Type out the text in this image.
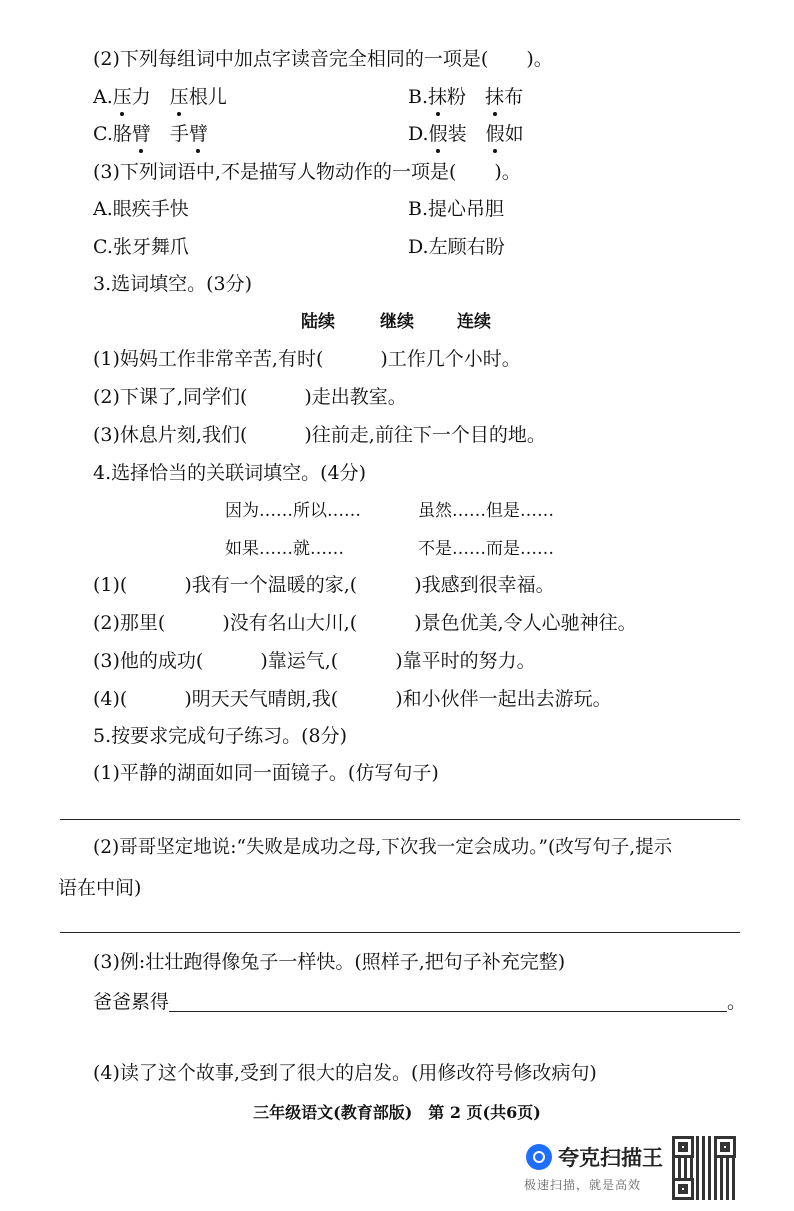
(2)下列每组词中加点字读音完全相同的一项是(　　)。
A.压力 压根儿	B.抹粉 抹布
C.胳臂 手臂	D.假装 假如
(3)下列词语中,不是描写人物动作的一项是(　　)。
A.眼疾手快	B.提心吊胆
C.张牙舞爪	D.左顾右盼
3.选词填空。(3分)
陆续	继续	连续
(1)妈妈工作非常辛苦,有时(　　　)工作几个小时。
(2)下课了,同学们(　　　)走出教室。
(3)休息片刻,我们(　　　)往前走,前往下一个目的地。
4.选择恰当的关联词填空。(4分)
因为……所以……	虽然……但是……
如果……就……	不是……而是……
(1)(　　　)我有一个温暖的家,(　　　)我感到很幸福。
(2)那里(　　　)没有名山大川,(　　　)景色优美,令人心驰神往。
(3)他的成功(　　　)靠运气,(　　　)靠平时的努力。
(4)(　　　)明天天气晴朗,我(　　　)和小伙伴一起出去游玩。
5.按要求完成句子练习。(8分)
(1)平静的湖面如同一面镜子。(仿写句子)
(2)哥哥坚定地说:“失败是成功之母,下次我一定会成功。”(改写句子,提示
语在中间)
(3)例:壮壮跑得像兔子一样快。(照样子,把句子补充完整)
爸爸累得	。
(4)读了这个故事,受到了很大的启发。(用修改符号修改病句)
三年级语文(教育部版)　第 2 页(共6页)
夸克扫描王
极速扫描，就是高效
